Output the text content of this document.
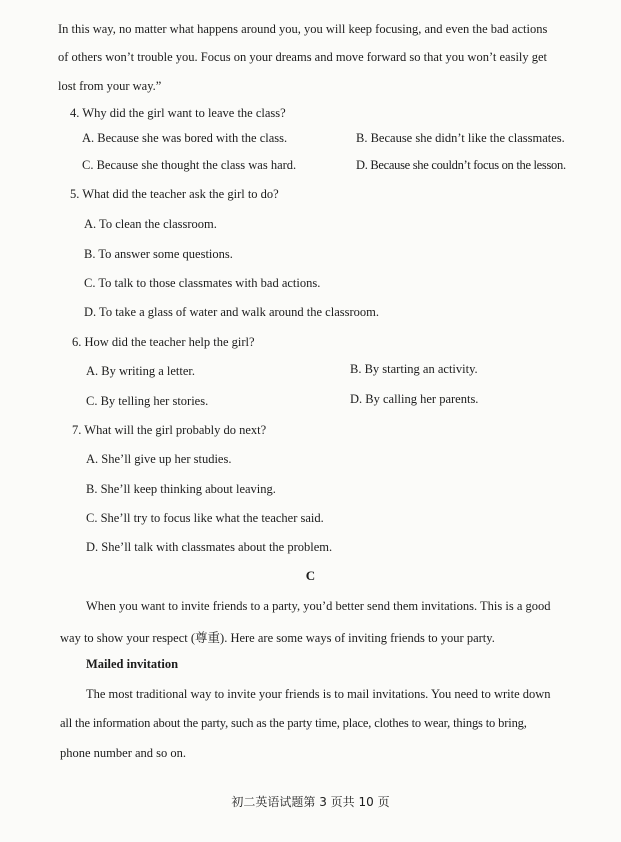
In this way, no matter what happens around you, you will keep focusing, and even the bad actions
of others won’t trouble you. Focus on your dreams and move forward so that you won’t easily get
lost from your way.”
4. Why did the girl want to leave the class?
A. Because she was bored with the class.	B. Because she didn’t like the classmates.
C. Because she thought the class was hard.	D. Because she couldn’t focus on the lesson.
5. What did the teacher ask the girl to do?
A. To clean the classroom.
B. To answer some questions.
C. To talk to those classmates with bad actions.
D. To take a glass of water and walk around the classroom.
6. How did the teacher help the girl?
A. By writing a letter.	B. By starting an activity.
C. By telling her stories.	D. By calling her parents.
7. What will the girl probably do next?
A. She’ll give up her studies.
B. She’ll keep thinking about leaving.
C. She’ll try to focus like what the teacher said.
D. She’ll talk with classmates about the problem.
C
When you want to invite friends to a party, you’d better send them invitations. This is a good
way to show your respect (尊重). Here are some ways of inviting friends to your party.
Mailed invitation
The most traditional way to invite your friends is to mail invitations. You need to write down
all the information about the party, such as the party time, place, clothes to wear, things to bring,
phone number and so on.
初二英语试题第 3 页共 10 页
